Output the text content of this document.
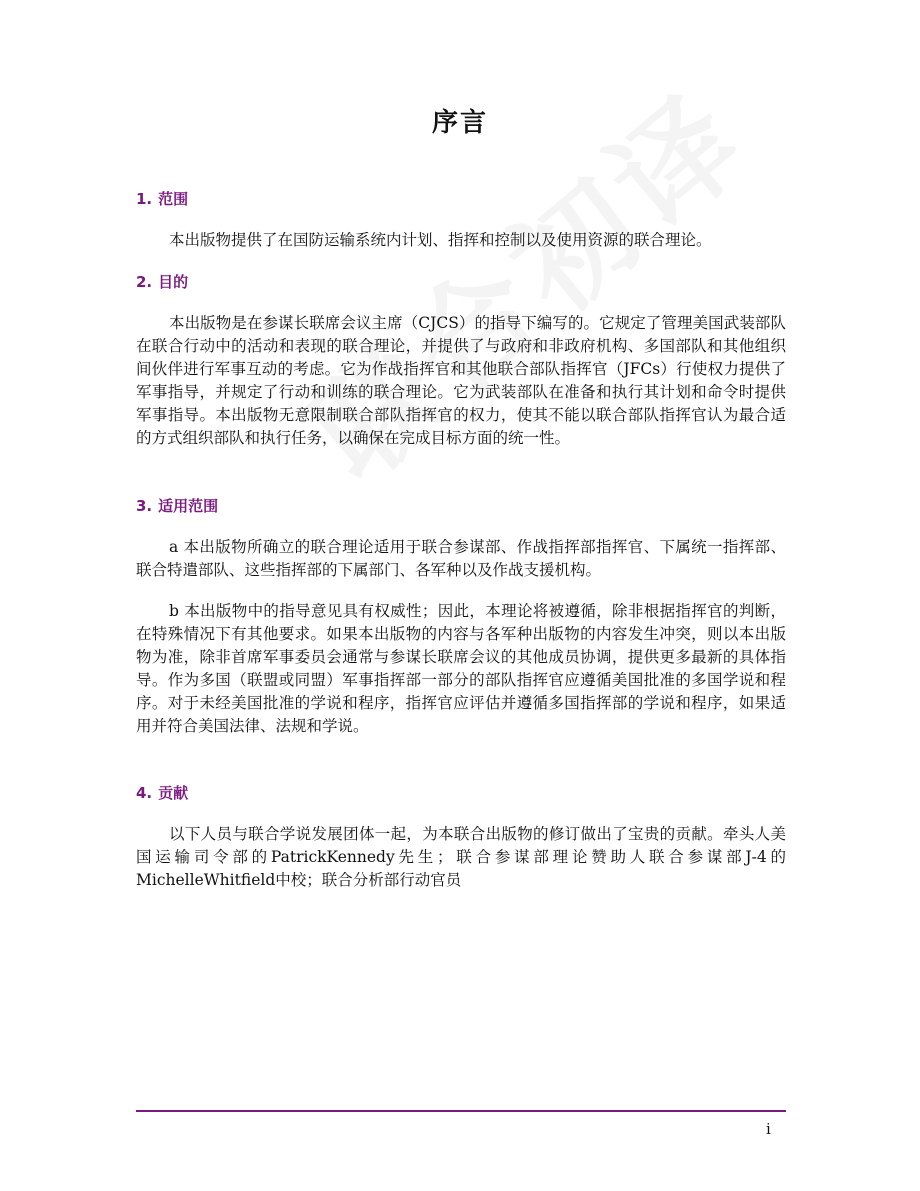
序言
1. 范围
本出版物提供了在国防运输系统内计划、指挥和控制以及使用资源的联合理论。
2. 目的
本出版物是在参谋长联席会议主席（CJCS）的指导下编写的。它规定了管理美国武装部队在联合行动中的活动和表现的联合理论，并提供了与政府和非政府机构、多国部队和其他组织间伙伴进行军事互动的考虑。它为作战指挥官和其他联合部队指挥官（JFCs）行使权力提供了军事指导，并规定了行动和训练的联合理论。它为武装部队在准备和执行其计划和命令时提供军事指导。本出版物无意限制联合部队指挥官的权力，使其不能以联合部队指挥官认为最合适的方式组织部队和执行任务，以确保在完成目标方面的统一性。
3. 适用范围
a 本出版物所确立的联合理论适用于联合参谋部、作战指挥部指挥官、下属统一指挥部、联合特遣部队、这些指挥部的下属部门、各军种以及作战支援机构。
b 本出版物中的指导意见具有权威性；因此，本理论将被遵循，除非根据指挥官的判断，在特殊情况下有其他要求。如果本出版物的内容与各军种出版物的内容发生冲突，则以本出版物为准，除非首席军事委员会通常与参谋长联席会议的其他成员协调，提供更多最新的具体指导。作为多国（联盟或同盟）军事指挥部一部分的部队指挥官应遵循美国批准的多国学说和程序。对于未经美国批准的学说和程序，指挥官应评估并遵循多国指挥部的学说和程序，如果适用并符合美国法律、法规和学说。
4. 贡献
以下人员与联合学说发展团体一起，为本联合出版物的修订做出了宝贵的贡献。牵头人美国运输司令部的PatrickKennedy先生；联合参谋部理论赞助人联合参谋部J-4的MichelleWhitfield中校；联合分析部行动官员
i
